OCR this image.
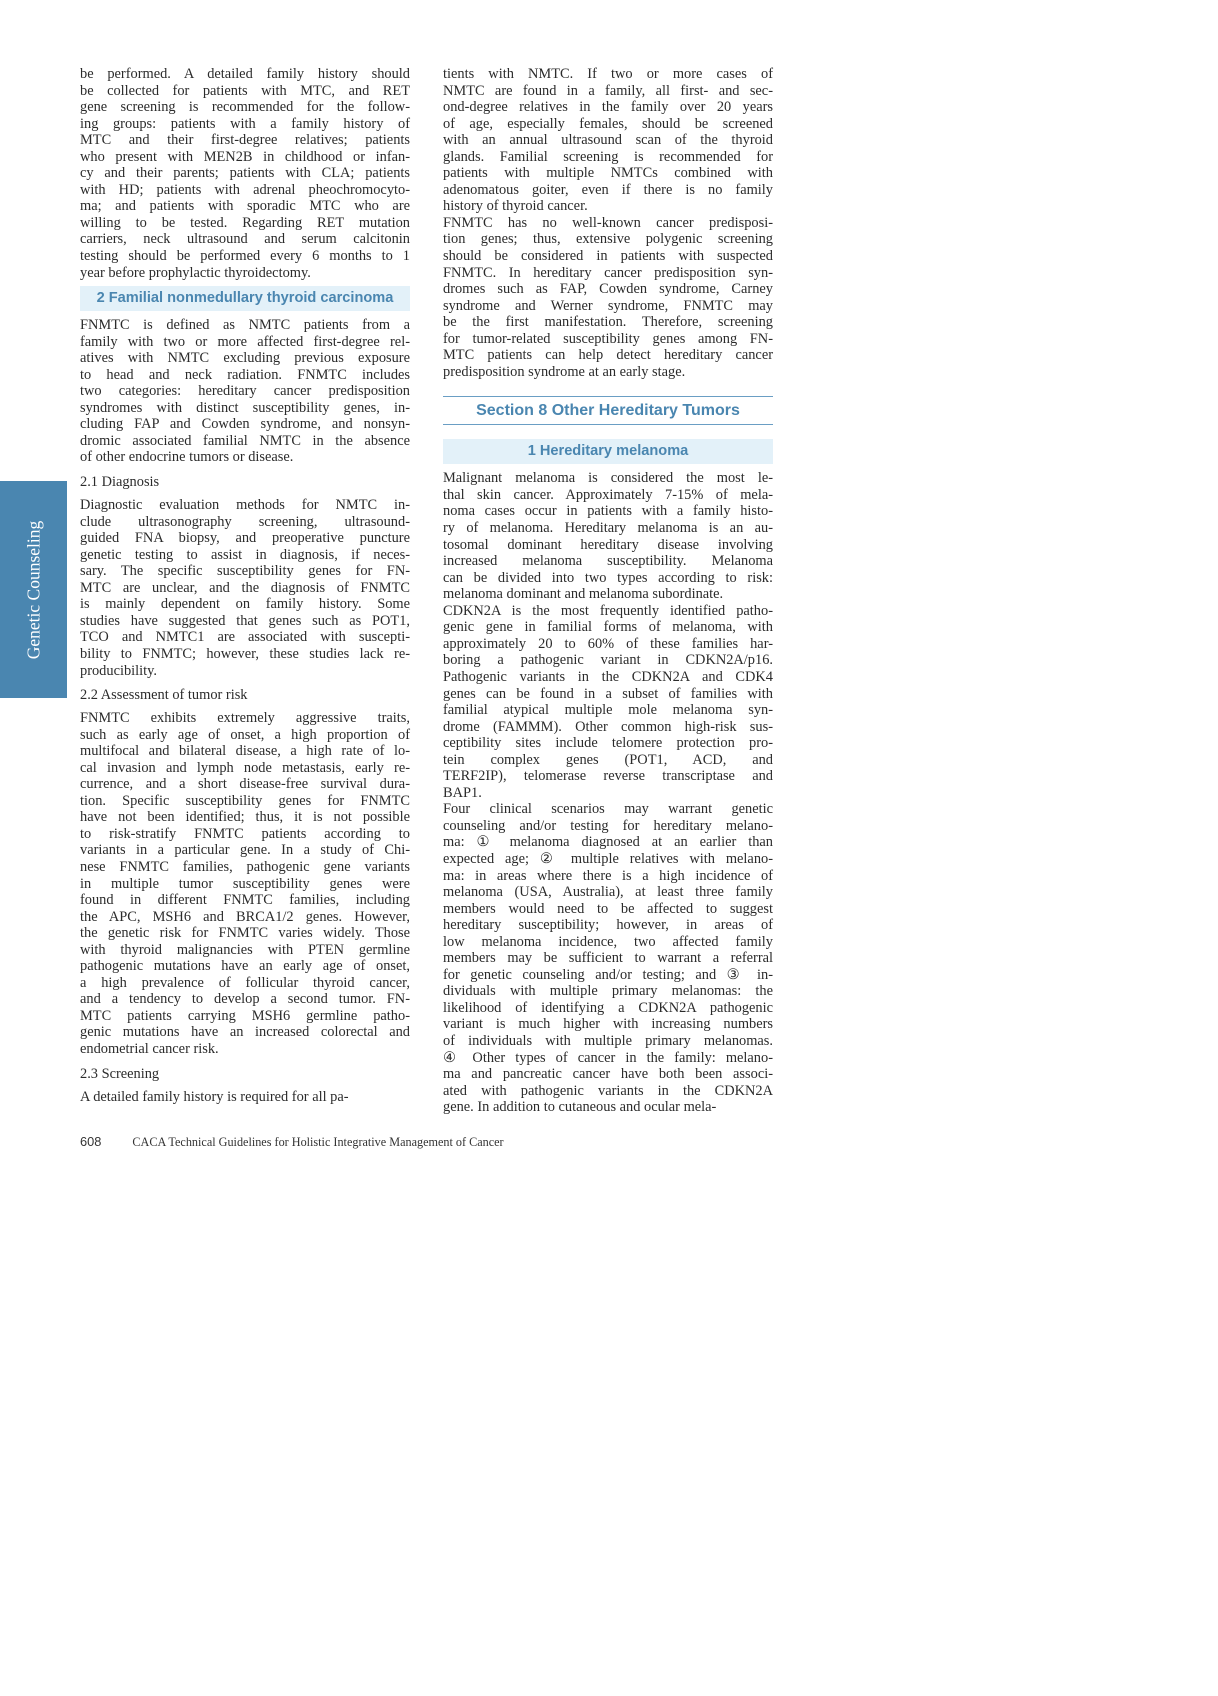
Genetic Counseling
be performed. A detailed family history should
be collected for patients with MTC, and RET
gene screening is recommended for the follow-
ing groups: patients with a family history of
MTC and their first-degree relatives; patients
who present with MEN2B in childhood or infan-
cy and their parents; patients with CLA; patients
with HD; patients with adrenal pheochromocyto-
ma; and patients with sporadic MTC who are
willing to be tested. Regarding RET mutation
carriers, neck ultrasound and serum calcitonin
testing should be performed every 6 months to 1
year before prophylactic thyroidectomy.
2 Familial nonmedullary thyroid carcinoma
FNMTC is defined as NMTC patients from a
family with two or more affected first-degree rel-
atives with NMTC excluding previous exposure
to head and neck radiation. FNMTC includes
two categories: hereditary cancer predisposition
syndromes with distinct susceptibility genes, in-
cluding FAP and Cowden syndrome, and nonsyn-
dromic associated familial NMTC in the absence
of other endocrine tumors or disease.
2.1 Diagnosis
Diagnostic evaluation methods for NMTC in-
clude ultrasonography screening, ultrasound-
guided FNA biopsy, and preoperative puncture
genetic testing to assist in diagnosis, if neces-
sary. The specific susceptibility genes for FN-
MTC are unclear, and the diagnosis of FNMTC
is mainly dependent on family history. Some
studies have suggested that genes such as POT1,
TCO and NMTC1 are associated with suscepti-
bility to FNMTC; however, these studies lack re-
producibility.
2.2 Assessment of tumor risk
FNMTC exhibits extremely aggressive traits,
such as early age of onset, a high proportion of
multifocal and bilateral disease, a high rate of lo-
cal invasion and lymph node metastasis, early re-
currence, and a short disease-free survival dura-
tion. Specific susceptibility genes for FNMTC
have not been identified; thus, it is not possible
to risk-stratify FNMTC patients according to
variants in a particular gene. In a study of Chi-
nese FNMTC families, pathogenic gene variants
in multiple tumor susceptibility genes were
found in different FNMTC families, including
the APC, MSH6 and BRCA1/2 genes. However,
the genetic risk for FNMTC varies widely. Those
with thyroid malignancies with PTEN germline
pathogenic mutations have an early age of onset,
a high prevalence of follicular thyroid cancer,
and a tendency to develop a second tumor. FN-
MTC patients carrying MSH6 germline patho-
genic mutations have an increased colorectal and
endometrial cancer risk.
2.3 Screening
A detailed family history is required for all pa-
tients with NMTC. If two or more cases of
NMTC are found in a family, all first- and sec-
ond-degree relatives in the family over 20 years
of age, especially females, should be screened
with an annual ultrasound scan of the thyroid
glands. Familial screening is recommended for
patients with multiple NMTCs combined with
adenomatous goiter, even if there is no family
history of thyroid cancer.
FNMTC has no well-known cancer predisposi-
tion genes; thus, extensive polygenic screening
should be considered in patients with suspected
FNMTC. In hereditary cancer predisposition syn-
dromes such as FAP, Cowden syndrome, Carney
syndrome and Werner syndrome, FNMTC may
be the first manifestation. Therefore, screening
for tumor-related susceptibility genes among FN-
MTC patients can help detect hereditary cancer
predisposition syndrome at an early stage.
Section 8 Other Hereditary Tumors
1 Hereditary melanoma
Malignant melanoma is considered the most le-
thal skin cancer. Approximately 7-15% of mela-
noma cases occur in patients with a family histo-
ry of melanoma. Hereditary melanoma is an au-
tosomal dominant hereditary disease involving
increased melanoma susceptibility. Melanoma
can be divided into two types according to risk:
melanoma dominant and melanoma subordinate.
CDKN2A is the most frequently identified patho-
genic gene in familial forms of melanoma, with
approximately 20 to 60% of these families har-
boring a pathogenic variant in CDKN2A/p16.
Pathogenic variants in the CDKN2A and CDK4
genes can be found in a subset of families with
familial atypical multiple mole melanoma syn-
drome (FAMMM). Other common high-risk sus-
ceptibility sites include telomere protection pro-
tein complex genes (POT1, ACD, and
TERF2IP), telomerase reverse transcriptase and
BAP1.
Four clinical scenarios may warrant genetic
counseling and/or testing for hereditary melano-
ma: ① melanoma diagnosed at an earlier than
expected age; ② multiple relatives with melano-
ma: in areas where there is a high incidence of
melanoma (USA, Australia), at least three family
members would need to be affected to suggest
hereditary susceptibility; however, in areas of
low melanoma incidence, two affected family
members may be sufficient to warrant a referral
for genetic counseling and/or testing; and ③ in-
dividuals with multiple primary melanomas: the
likelihood of identifying a CDKN2A pathogenic
variant is much higher with increasing numbers
of individuals with multiple primary melanomas.
④ Other types of cancer in the family: melano-
ma and pancreatic cancer have both been associ-
ated with pathogenic variants in the CDKN2A
gene. In addition to cutaneous and ocular mela-
608	CACA Technical Guidelines for Holistic Integrative Management of Cancer
